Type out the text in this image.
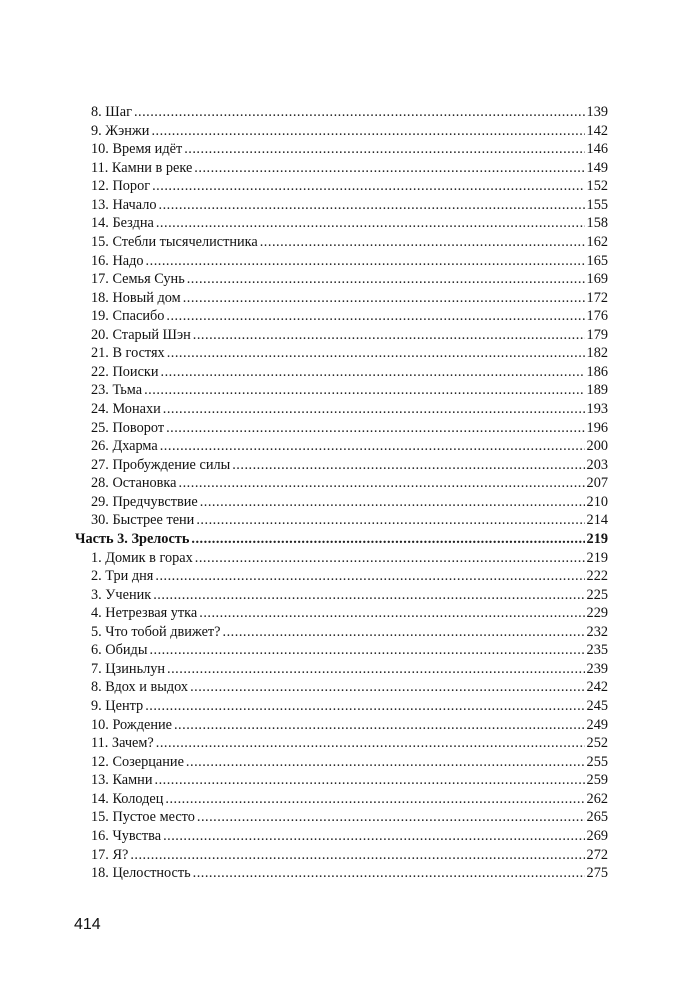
8. Шаг .....	139
9. Жэнжи .....	142
10. Время идёт .....	146
11. Камни в реке .....	149
12. Порог .....	152
13. Начало .....	155
14. Бездна .....	158
15. Стебли тысячелистника .....	162
16. Надо .....	165
17. Семья Сунь .....	169
18. Новый дом .....	172
19. Спасибо .....	176
20. Старый Шэн .....	179
21. В гостях .....	182
22. Поиски .....	186
23. Тьма .....	189
24. Монахи .....	193
25. Поворот .....	196
26. Дхарма .....	200
27. Пробуждение силы .....	203
28. Остановка .....	207
29. Предчувствие .....	210
30. Быстрее тени .....	214
Часть 3. Зрелость .....	219
1. Домик в горах .....	219
2. Три дня .....	222
3. Ученик .....	225
4. Нетрезвая утка .....	229
5. Что тобой движет? .....	232
6. Обиды .....	235
7. Цзиньлун .....	239
8. Вдох и выдох .....	242
9. Центр .....	245
10. Рождение .....	249
11. Зачем? .....	252
12. Созерцание .....	255
13. Камни .....	259
14. Колодец .....	262
15. Пустое место .....	265
16. Чувства .....	269
17. Я? .....	272
18. Целостность .....	275
414
